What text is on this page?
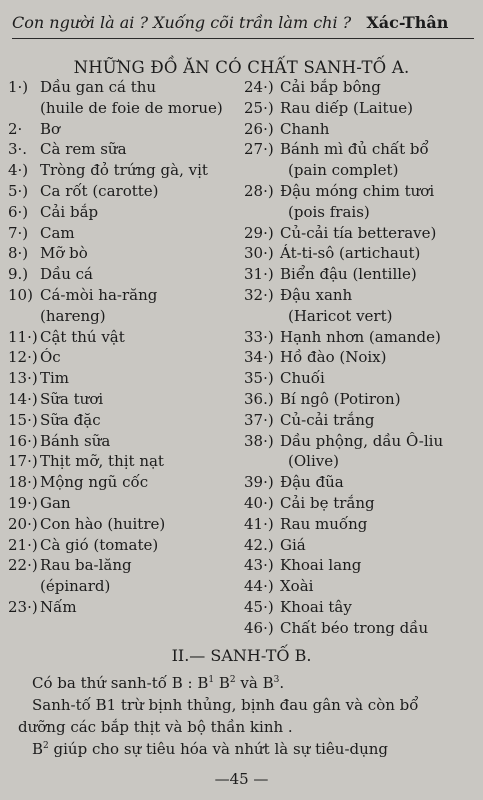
Con người là ai ? Xuống cõi trần làm chi ? Xác-Thân
NHỮNG ĐỒ ĂN CÓ CHẤT SANH-TỐ A.
1·) Dầu gan cá thu
(huile de foie de morue)
2·	Bơ
3·. Cà rem sữa
4·) Tròng đỏ trứng gà, vịt
5·) Ca rốt (carotte)
6·) Cải bắp
7·) Cam
8·) Mỡ bò
9.) Dầu cá
10) Cá-mòi ha-răng
(hareng)
11·) Cật thú vật
12·) Óc
13·) Tim
14·) Sữa tươi
15·) Sữa đặc
16·) Bánh sữa
17·) Thịt mỡ, thịt nạt
18·) Mộng ngũ cốc
19·) Gan
20·) Con hào (huitre)
21·) Cà gió (tomate)
22·) Rau ba-lăng
(épinard)
23·) Nấm
24·) Cải bắp bông
25·) Rau diếp (Laitue)
26·) Chanh
27·) Bánh mì đủ chất bổ
(pain complet)
28·) Đậu móng chim tươi
(pois frais)
29·) Củ-cải tía betterave)
30·) Át-ti-sô (artichaut)
31·) Biển đậu (lentille)
32·) Đậu xanh
(Haricot vert)
33·) Hạnh nhơn (amande)
34·) Hồ đào (Noix)
35·) Chuối
36.) Bí ngô (Potiron)
37·) Củ-cải trắng
38·) Dầu phộng, dầu Ô-liu
(Olive)
39·) Đậu đũa
40·) Cải bẹ trắng
41·) Rau muống
42.) Giá
43·) Khoai lang
44·) Xoài
45·) Khoai tây
46·) Chất béo trong dầu
II.— SANH-TỐ B.
Có ba thứ sanh-tố B : $B^1$ $B^2$ và $B^3$.
Sanh-tố B1 trừ bịnh thủng, bịnh đau gân và còn bổ dưỡng các bắp thịt và bộ thần kinh .
$B^2$ giúp cho sự tiêu hóa và nhứt là sự tiêu-dụng
—45 —
